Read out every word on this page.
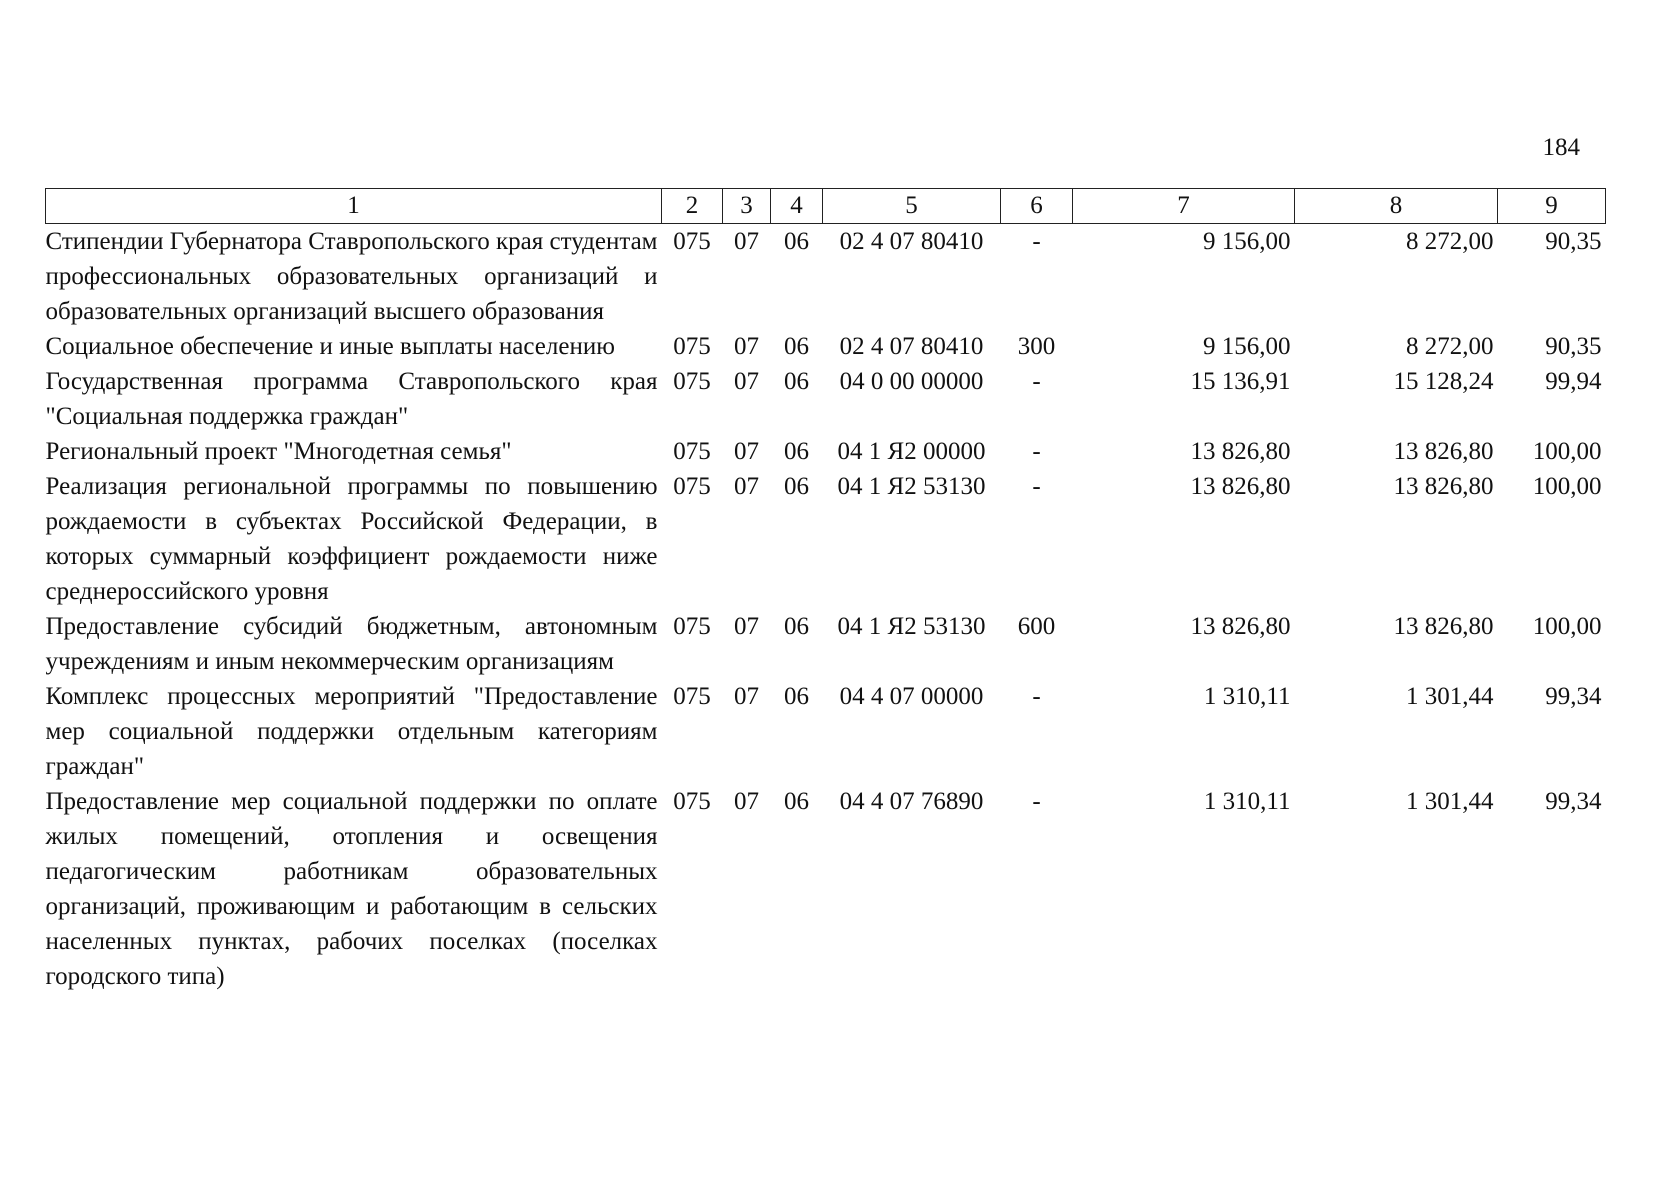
184
1	2	3	4	5	6	7	8	9

Стипендии Губернатора Ставропольского края студентам профессиональных образовательных организаций и образовательных организаций высшего образования	075	07	06	02 4 07 80410	-	9 156,00	8 272,00	90,35

Социальное обеспечение и иные выплаты населению	075	07	06	02 4 07 80410	300	9 156,00	8 272,00	90,35

Государственная программа Ставропольского края "Социальная поддержка граждан"	075	07	06	04 0 00 00000	-	15 136,91	15 128,24	99,94

Региональный проект "Многодетная семья"	075	07	06	04 1 Я2 00000	-	13 826,80	13 826,80	100,00

Реализация региональной программы по повышению рождаемости в субъектах Российской Федерации, в которых суммарный коэффициент рождаемости ниже среднероссийского уровня	075	07	06	04 1 Я2 53130	-	13 826,80	13 826,80	100,00

Предоставление субсидий бюджетным, автономным учреждениям и иным некоммерческим организациям	075	07	06	04 1 Я2 53130	600	13 826,80	13 826,80	100,00

Комплекс процессных мероприятий "Предоставление мер социальной поддержки отдельным категориям граждан"	075	07	06	04 4 07 00000	-	1 310,11	1 301,44	99,34

Предоставление мер социальной поддержки по оплате жилых помещений, отопления и освещения педагогическим работникам образовательных организаций, проживающим и работающим в сельских населенных пунктах, рабочих поселках (поселках городского типа)	075	07	06	04 4 07 76890	-	1 310,11	1 301,44	99,34
